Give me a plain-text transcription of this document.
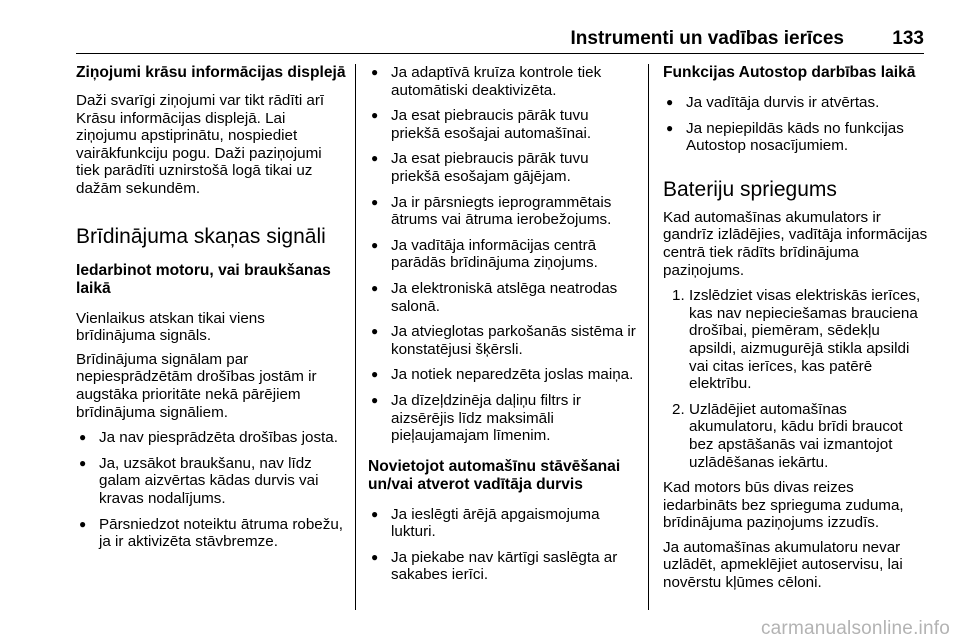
Instrumenti un vadības ierīces	133
Ziņojumi krāsu informācijas displejā

Daži svarīgi ziņojumi var tikt rādīti arī Krāsu informācijas displejā. Lai ziņojumu apstiprinātu, nospiediet vairākfunkciju pogu. Daži paziņojumi tiek parādīti uznirstošā logā tikai uz dažām sekundēm.

Brīdinājuma skaņas signāli
Iedarbinot motoru, vai braukšanas laikā

Vienlaikus atskan tikai viens brīdinājuma signāls.

Brīdinājuma signālam par nepiesprādzētām drošības jostām ir augstāka prioritāte nekā pārējiem brīdinājuma signāliem.

● Ja nav piesprādzēta drošības josta.

● Ja, uzsākot braukšanu, nav līdz galam aizvērtas kādas durvis vai kravas nodalījums.

● Pārsniedzot noteiktu ātruma robežu, ja ir aktivizēta stāvbremze.

● Ja adaptīvā kruīza kontrole tiek automātiski deaktivizēta.

● Ja esat piebraucis pārāk tuvu priekšā esošajai automašīnai.

● Ja esat piebraucis pārāk tuvu priekšā esošajam gājējam.

● Ja ir pārsniegts ieprogrammētais ātrums vai ātruma ierobežojums.

● Ja vadītāja informācijas centrā parādās brīdinājuma ziņojums.

● Ja elektroniskā atslēga neatrodas salonā.

● Ja atvieglotas parkošanās sistēma ir konstatējusi šķērsli.

● Ja notiek neparedzēta joslas maiņa.

● Ja dīzeļdzinēja daļiņu filtrs ir aizsērējis līdz maksimāli pieļaujamajam līmenim.

Novietojot automašīnu stāvēšanai un/vai atverot vadītāja durvis

● Ja ieslēgti ārējā apgaismojuma lukturi.

● Ja piekabe nav kārtīgi saslēgta ar sakabes ierīci.

Funkcijas Autostop darbības laikā

● Ja vadītāja durvis ir atvērtas.

● Ja nepiepildās kāds no funkcijas Autostop nosacījumiem.

Bateriju spriegums

Kad automašīnas akumulators ir gandrīz izlādējies, vadītāja informācijas centrā tiek rādīts brīdinājuma paziņojums.

1. Izslēdziet visas elektriskās ierīces, kas nav nepieciešamas brauciena drošībai, piemēram, sēdekļu apsildi, aizmugurējā stikla apsildi vai citas ierīces, kas patērē elektrību.

2. Uzlādējiet automašīnas akumulatoru, kādu brīdi braucot bez apstāšanās vai izmantojot uzlādēšanas iekārtu.

Kad motors būs divas reizes iedarbināts bez sprieguma zuduma, brīdinājuma paziņojums izzudīs.

Ja automašīnas akumulatoru nevar uzlādēt, apmeklējiet autoservisu, lai novērstu kļūmes cēloni.

carmanualsonline.info
